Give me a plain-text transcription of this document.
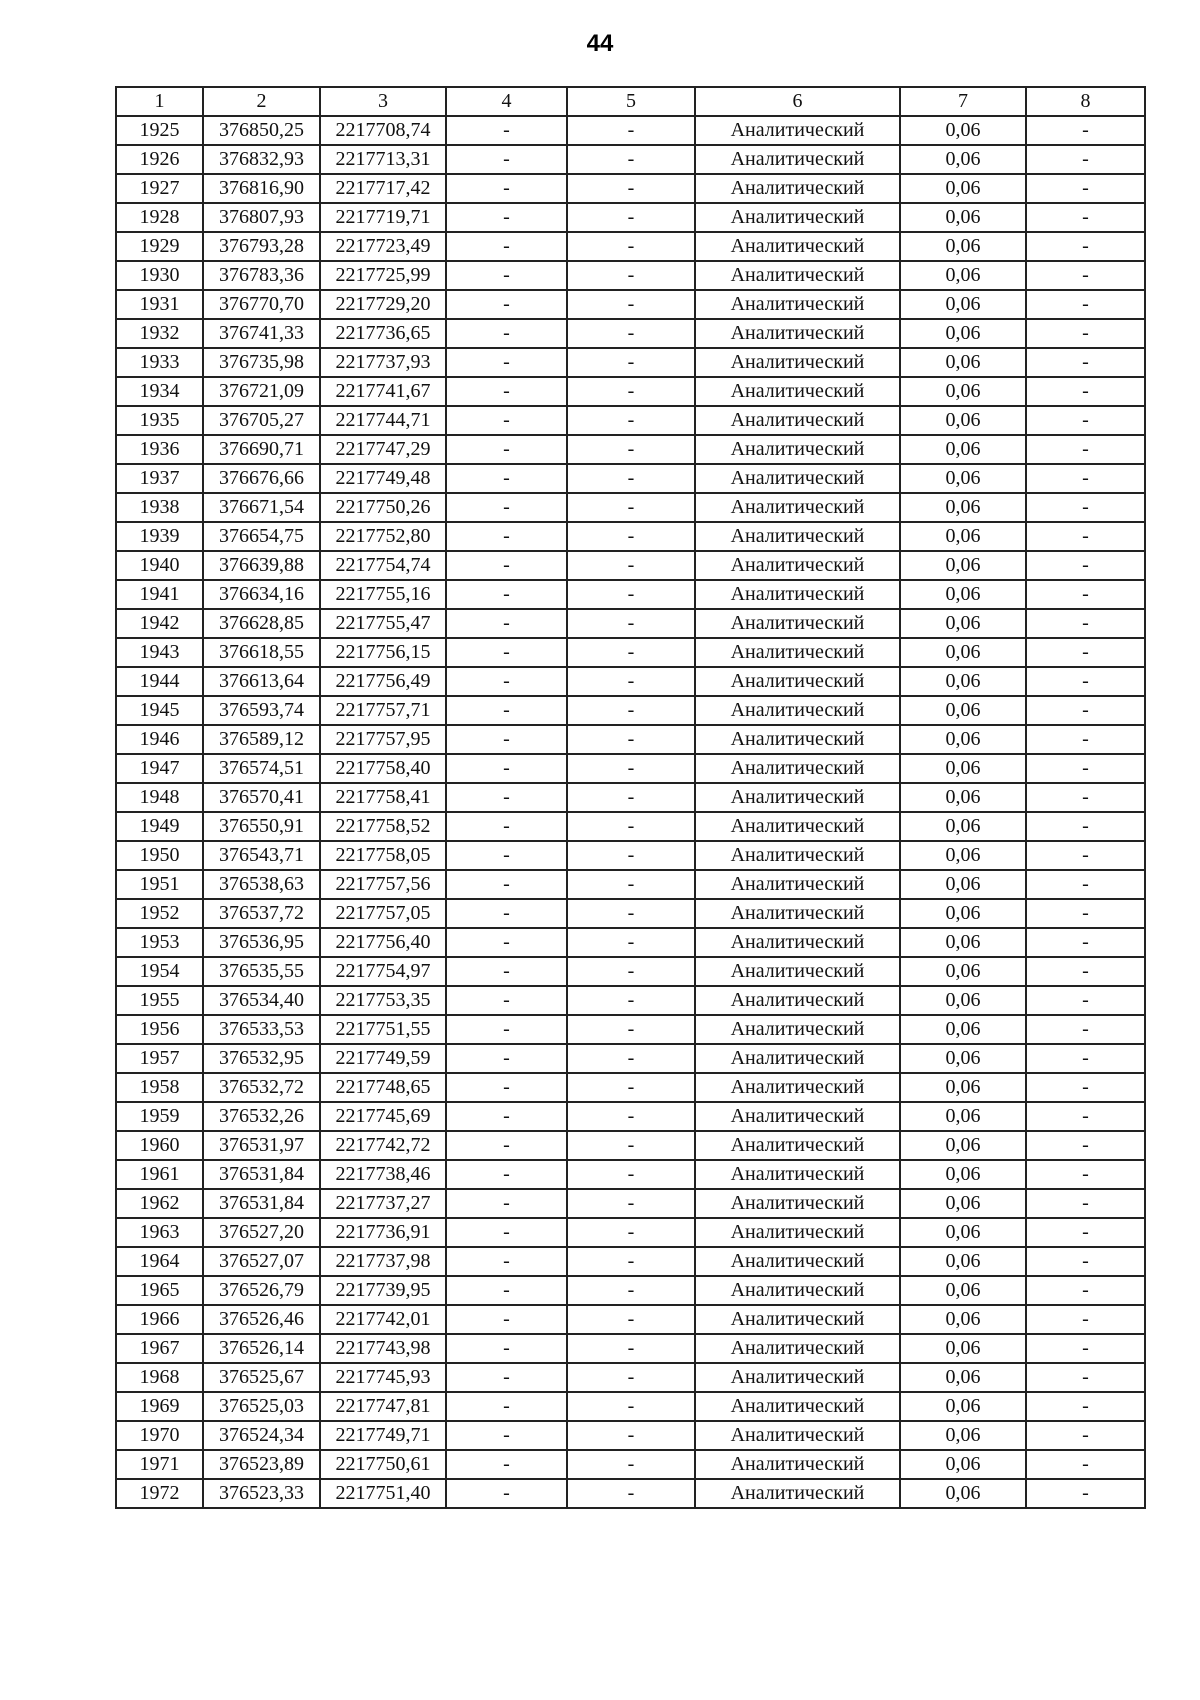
44
1	2	3	4	5	6	7	8
1925	376850,25	2217708,74	-	-	Аналитический	0,06	-
1926	376832,93	2217713,31	-	-	Аналитический	0,06	-
1927	376816,90	2217717,42	-	-	Аналитический	0,06	-
1928	376807,93	2217719,71	-	-	Аналитический	0,06	-
1929	376793,28	2217723,49	-	-	Аналитический	0,06	-
1930	376783,36	2217725,99	-	-	Аналитический	0,06	-
1931	376770,70	2217729,20	-	-	Аналитический	0,06	-
1932	376741,33	2217736,65	-	-	Аналитический	0,06	-
1933	376735,98	2217737,93	-	-	Аналитический	0,06	-
1934	376721,09	2217741,67	-	-	Аналитический	0,06	-
1935	376705,27	2217744,71	-	-	Аналитический	0,06	-
1936	376690,71	2217747,29	-	-	Аналитический	0,06	-
1937	376676,66	2217749,48	-	-	Аналитический	0,06	-
1938	376671,54	2217750,26	-	-	Аналитический	0,06	-
1939	376654,75	2217752,80	-	-	Аналитический	0,06	-
1940	376639,88	2217754,74	-	-	Аналитический	0,06	-
1941	376634,16	2217755,16	-	-	Аналитический	0,06	-
1942	376628,85	2217755,47	-	-	Аналитический	0,06	-
1943	376618,55	2217756,15	-	-	Аналитический	0,06	-
1944	376613,64	2217756,49	-	-	Аналитический	0,06	-
1945	376593,74	2217757,71	-	-	Аналитический	0,06	-
1946	376589,12	2217757,95	-	-	Аналитический	0,06	-
1947	376574,51	2217758,40	-	-	Аналитический	0,06	-
1948	376570,41	2217758,41	-	-	Аналитический	0,06	-
1949	376550,91	2217758,52	-	-	Аналитический	0,06	-
1950	376543,71	2217758,05	-	-	Аналитический	0,06	-
1951	376538,63	2217757,56	-	-	Аналитический	0,06	-
1952	376537,72	2217757,05	-	-	Аналитический	0,06	-
1953	376536,95	2217756,40	-	-	Аналитический	0,06	-
1954	376535,55	2217754,97	-	-	Аналитический	0,06	-
1955	376534,40	2217753,35	-	-	Аналитический	0,06	-
1956	376533,53	2217751,55	-	-	Аналитический	0,06	-
1957	376532,95	2217749,59	-	-	Аналитический	0,06	-
1958	376532,72	2217748,65	-	-	Аналитический	0,06	-
1959	376532,26	2217745,69	-	-	Аналитический	0,06	-
1960	376531,97	2217742,72	-	-	Аналитический	0,06	-
1961	376531,84	2217738,46	-	-	Аналитический	0,06	-
1962	376531,84	2217737,27	-	-	Аналитический	0,06	-
1963	376527,20	2217736,91	-	-	Аналитический	0,06	-
1964	376527,07	2217737,98	-	-	Аналитический	0,06	-
1965	376526,79	2217739,95	-	-	Аналитический	0,06	-
1966	376526,46	2217742,01	-	-	Аналитический	0,06	-
1967	376526,14	2217743,98	-	-	Аналитический	0,06	-
1968	376525,67	2217745,93	-	-	Аналитический	0,06	-
1969	376525,03	2217747,81	-	-	Аналитический	0,06	-
1970	376524,34	2217749,71	-	-	Аналитический	0,06	-
1971	376523,89	2217750,61	-	-	Аналитический	0,06	-
1972	376523,33	2217751,40	-	-	Аналитический	0,06	-
